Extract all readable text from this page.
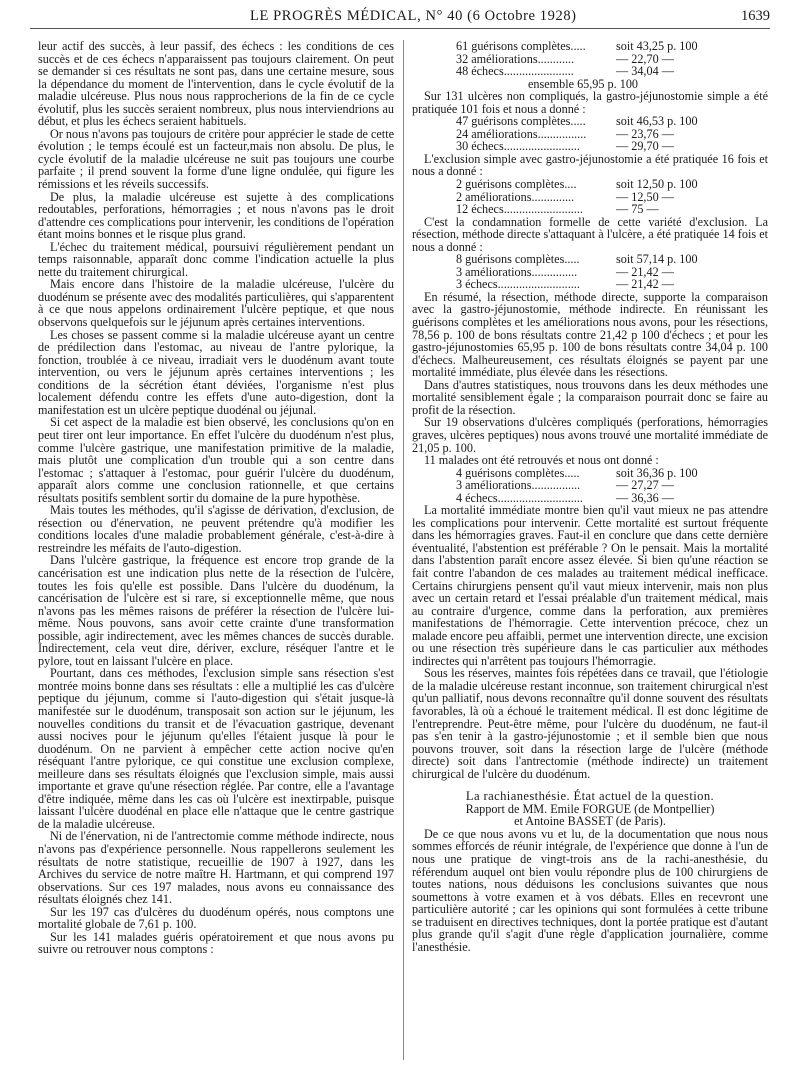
LE PROGRÈS MÉDICAL, N° 40 (6 Octobre 1928)	1639

leur actif des succès, à leur passif, des échecs : les conditions de ces succès et de ces échecs n'apparaissent pas toujours clairement. On peut se demander si ces résultats ne sont pas, dans une certaine mesure, sous la dépendance du moment de l'intervention, dans le cycle évolutif de la maladie ulcéreuse. Plus nous nous rapprocherions de la fin de ce cycle évolutif, plus les succès seraient nombreux, plus nous interviendrions au début, et plus les échecs seraient habituels.

Or nous n'avons pas toujours de critère pour apprécier le stade de cette évolution ; le temps écoulé est un facteur,mais non absolu. De plus, le cycle évolutif de la maladie ulcéreuse ne suit pas toujours une courbe parfaite ; il prend souvent la forme d'une ligne ondulée, qui figure les rémissions et les réveils successifs.

De plus, la maladie ulcéreuse est sujette à des complications redoutables, perforations, hémorragies ; et nous n'avons pas le droit d'attendre ces complications pour intervenir, les conditions de l'opération étant moins bonnes et le risque plus grand.

L'échec du traitement médical, poursuivi régulièrement pendant un temps raisonnable, apparaît donc comme l'indication actuelle la plus nette du traitement chirurgical.

Mais encore dans l'histoire de la maladie ulcéreuse, l'ulcère du duodénum se présente avec des modalités particulières, qui s'apparentent à ce que nous appelons ordinairement l'ulcère peptique, et que nous observons quelquefois sur le jéjunum après certaines interventions.

Les choses se passent comme si la maladie ulcéreuse ayant un centre de prédilection dans l'estomac, au niveau de l'antre pylorique, la fonction, troublée à ce niveau, irradiait vers le duodénum avant toute intervention, ou vers le jéjunum après certaines interventions ; les conditions de la sécrétion étant déviées, l'organisme n'est plus localement défendu contre les effets d'une auto-digestion, dont la manifestation est un ulcère peptique duodénal ou jéjunal.

Si cet aspect de la maladie est bien observé, les conclusions qu'on en peut tirer ont leur importance. En effet l'ulcère du duodénum n'est plus, comme l'ulcère gastrique, une manifestation primitive de la maladie, mais plutôt une complication d'un trouble qui a son centre dans l'estomac ; s'attaquer à l'estomac, pour guérir l'ulcère du duodénum, apparaît alors comme une conclusion rationnelle, et que certains résultats positifs semblent sortir du domaine de la pure hypothèse.

Mais toutes les méthodes, qu'il s'agisse de dérivation, d'exclusion, de résection ou d'énervation, ne peuvent prétendre qu'à modifier les conditions locales d'une maladie probablement générale, c'est-à-dire à restreindre les méfaits de l'auto-digestion.

Dans l'ulcère gastrique, la fréquence est encore trop grande de la cancérisation est une indication plus nette de la résection de l'ulcère, toutes les fois qu'elle est possible. Dans l'ulcère du duodénum, la cancérisation de l'ulcère est si rare, si exceptionnelle même, que nous n'avons pas les mêmes raisons de préférer la résection de l'ulcère lui-même. Nous pouvons, sans avoir cette crainte d'une transformation possible, agir indirectement, avec les mêmes chances de succès durable. Indirectement, cela veut dire, dériver, exclure, réséquer l'antre et le pylore, tout en laissant l'ulcère en place.

Pourtant, dans ces méthodes, l'exclusion simple sans résection s'est montrée moins bonne dans ses résultats : elle a multiplié les cas d'ulcère peptique du jéjunum, comme si l'auto-digestion qui s'était jusque-là manifestée sur le duodénum, transposait son action sur le jéjunum, les nouvelles conditions du transit et de l'évacuation gastrique, devenant aussi nocives pour le jéjunum qu'elles l'étaient jusque là pour le duodénum. On ne parvient à empêcher cette action nocive qu'en réséquant l'antre pylorique, ce qui constitue une exclusion complexe, meilleure dans ses résultats éloignés que l'exclusion simple, mais aussi importante et grave qu'une résection réglée. Par contre, elle a l'avantage d'être indiquée, même dans les cas où l'ulcère est inextirpable, puisque laissant l'ulcère duodénal en place elle n'attaque que le centre gastrique de la maladie ulcéreuse.

Ni de l'énervation, ni de l'antrectomie comme méthode indirecte, nous n'avons pas d'expérience personnelle. Nous rappellerons seulement les résultats de notre statistique, recueillie de 1907 à 1927, dans les Archives du service de notre maître H. Hartmann, et qui comprend 197 observations. Sur ces 197 malades, nous avons eu connaissance des résultats éloignés chez 141.

Sur les 197 cas d'ulcères du duodénum opérés, nous comptons une mortalité globale de 7,61 p. 100.

Sur les 141 malades guéris opératoirement et que nous avons pu suivre ou retrouver nous comptons :

61 guérisons complètes.....	soit 43,25 p. 100
32 améliorations............	— 22,70 —
48 échecs.......................	— 34,04 —
ensemble 65,95 p. 100

Sur 131 ulcères non compliqués, la gastro-jéjunostomie simple a été pratiquée 101 fois et nous a donné :

47 guérisons complètes.....	soit 46,53 p. 100
24 améliorations................	— 23,76 —
30 échecs.........................	— 29,70 —

L'exclusion simple avec gastro-jéjunostomie a été pratiquée 16 fois et nous a donné :

2 guérisons complètes....	soit 12,50 p. 100
2 améliorations..............	— 12,50 —
12 échecs..........................	— 75 —

C'est la condamnation formelle de cette variété d'exclusion. La résection, méthode directe s'attaquant à l'ulcère, a été pratiquée 14 fois et nous a donné :

8 guérisons complètes.....	soit 57,14 p. 100
3 améliorations...............	— 21,42 —
3 échecs...........................	— 21,42 —

En résumé, la résection, méthode directe, supporte la comparaison avec la gastro-jéjunostomie, méthode indirecte. En réunissant les guérisons complètes et les améliorations nous avons, pour les résections, 78,56 p. 100 de bons résultats contre 21,42 p 100 d'échecs ; et pour les gastro-jéjunostomies 65,95 p. 100 de bons résultats contre 34,04 p. 100 d'échecs. Malheureusement, ces résultats éloignés se payent par une mortalité immédiate, plus élevée dans les résections.

Dans d'autres statistiques, nous trouvons dans les deux méthodes une mortalité sensiblement égale ; la comparaison pourrait donc se faire au profit de la résection.

Sur 19 observations d'ulcères compliqués (perforations, hémorragies graves, ulcères peptiques) nous avons trouvé une mortalité immédiate de 21,05 p. 100.

11 malades ont été retrouvés et nous ont donné :

4 guérisons complètes.....	soit 36,36 p. 100
3 améliorations................	— 27,27 —
4 échecs............................	— 36,36 —

La mortalité immédiate montre bien qu'il vaut mieux ne pas attendre les complications pour intervenir. Cette mortalité est surtout fréquente dans les hémorragies graves. Faut-il en conclure que dans cette dernière éventualité, l'abstention est préférable ? On le pensait. Mais la mortalité dans l'abstention paraît encore assez élevée. Si bien qu'une réaction se fait contre l'abandon de ces malades au traitement médical inefficace. Certains chirurgiens pensent qu'il vaut mieux intervenir, mais non plus avec un certain retard et l'essai préalable d'un traitement médical, mais au contraire d'urgence, comme dans la perforation, aux premières manifestations de l'hémorragie. Cette intervention précoce, chez un malade encore peu affaibli, permet une intervention directe, une excision ou une résection très supérieure dans le cas particulier aux méthodes indirectes qui n'arrêtent pas toujours l'hémorragie.

Sous les réserves, maintes fois répétées dans ce travail, que l'étiologie de la maladie ulcéreuse restant inconnue, son traitement chirurgical n'est qu'un palliatif, nous devons reconnaître qu'il donne souvent des résultats favorables, là où a échoué le traitement médical. Il est donc légitime de l'entreprendre. Peut-être même, pour l'ulcère du duodénum, ne faut-il pas s'en tenir à la gastro-jéjunostomie ; et il semble bien que nous pouvons trouver, soit dans la résection large de l'ulcère (méthode directe) soit dans l'antrectomie (méthode indirecte) un traitement chirurgical de l'ulcère du duodénum.

La rachianesthésie. État actuel de la question.
Rapport de MM. Emile FORGUE (de Montpellier)
et Antoine BASSET (de Paris).

De ce que nous avons vu et lu, de la documentation que nous nous sommes efforcés de réunir intégrale, de l'expérience que donne à l'un de nous une pratique de vingt-trois ans de la rachi-anesthésie, du référendum auquel ont bien voulu répondre plus de 100 chirurgiens de toutes nations, nous déduisons les conclusions suivantes que nous soumettons à votre examen et à vos débats. Elles en recevront une particulière autorité ; car les opinions qui sont formulées à cette tribune se traduisent en directives techniques, dont la portée pratique est d'autant plus grande qu'il s'agit d'une règle d'application journalière, comme l'anesthésie.
